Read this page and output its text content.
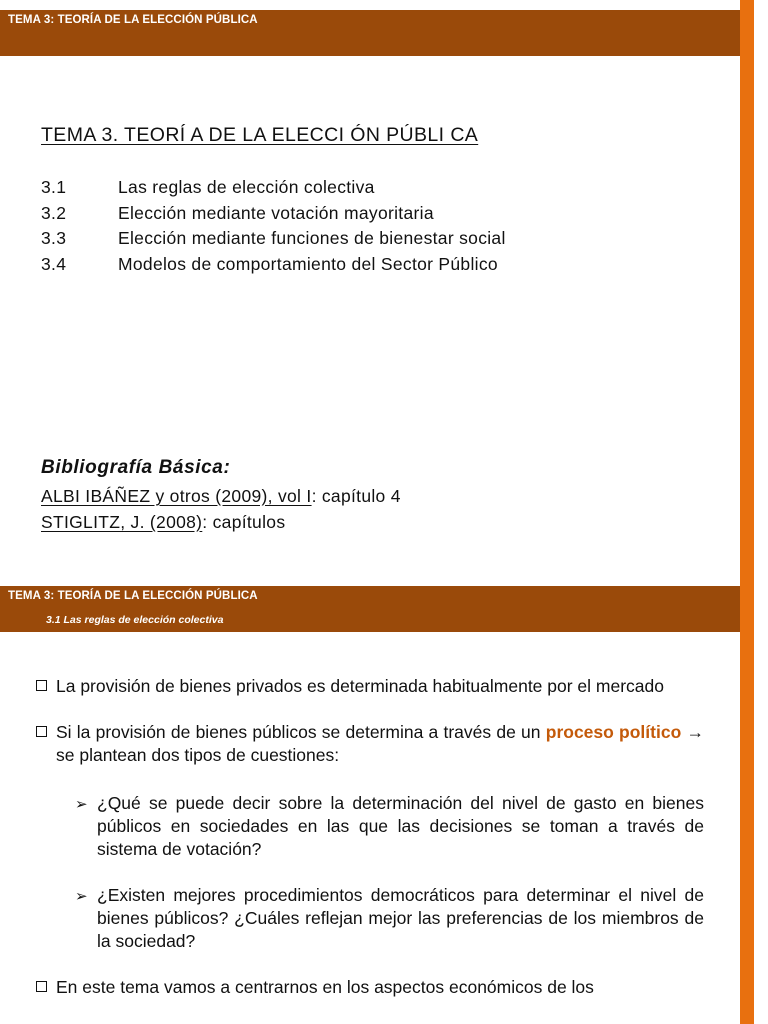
TEMA 3: TEORÍA DE LA ELECCIÓN PÚBLICA
TEMA 3. TEORÍ A DE LA ELECCI ÓN PÚBLI CA
3.1	Las reglas de elección colectiva
3.2	Elección mediante votación mayoritaria
3.3	Elección mediante funciones de bienestar social
3.4	Modelos de comportamiento del Sector Público
Bibliografía Básica:
ALBI IBÁÑEZ y otros (2009), vol I: capítulo 4
STIGLITZ, J. (2008): capítulos
TEMA 3: TEORÍA DE LA ELECCIÓN PÚBLICA
3.1 Las reglas de elección colectiva
La provisión de bienes privados es determinada habitualmente por el mercado
Si la provisión de bienes públicos se determina a través de un proceso político → se plantean dos tipos de cuestiones:
➢ ¿Qué se puede decir sobre la determinación del nivel de gasto en bienes públicos en sociedades en las que las decisiones se toman a través de sistema de votación?
➢ ¿Existen mejores procedimientos democráticos para determinar el nivel de bienes públicos? ¿Cuáles reflejan mejor las preferencias de los miembros de la sociedad?
En este tema vamos a centrarnos en los aspectos económicos de los
